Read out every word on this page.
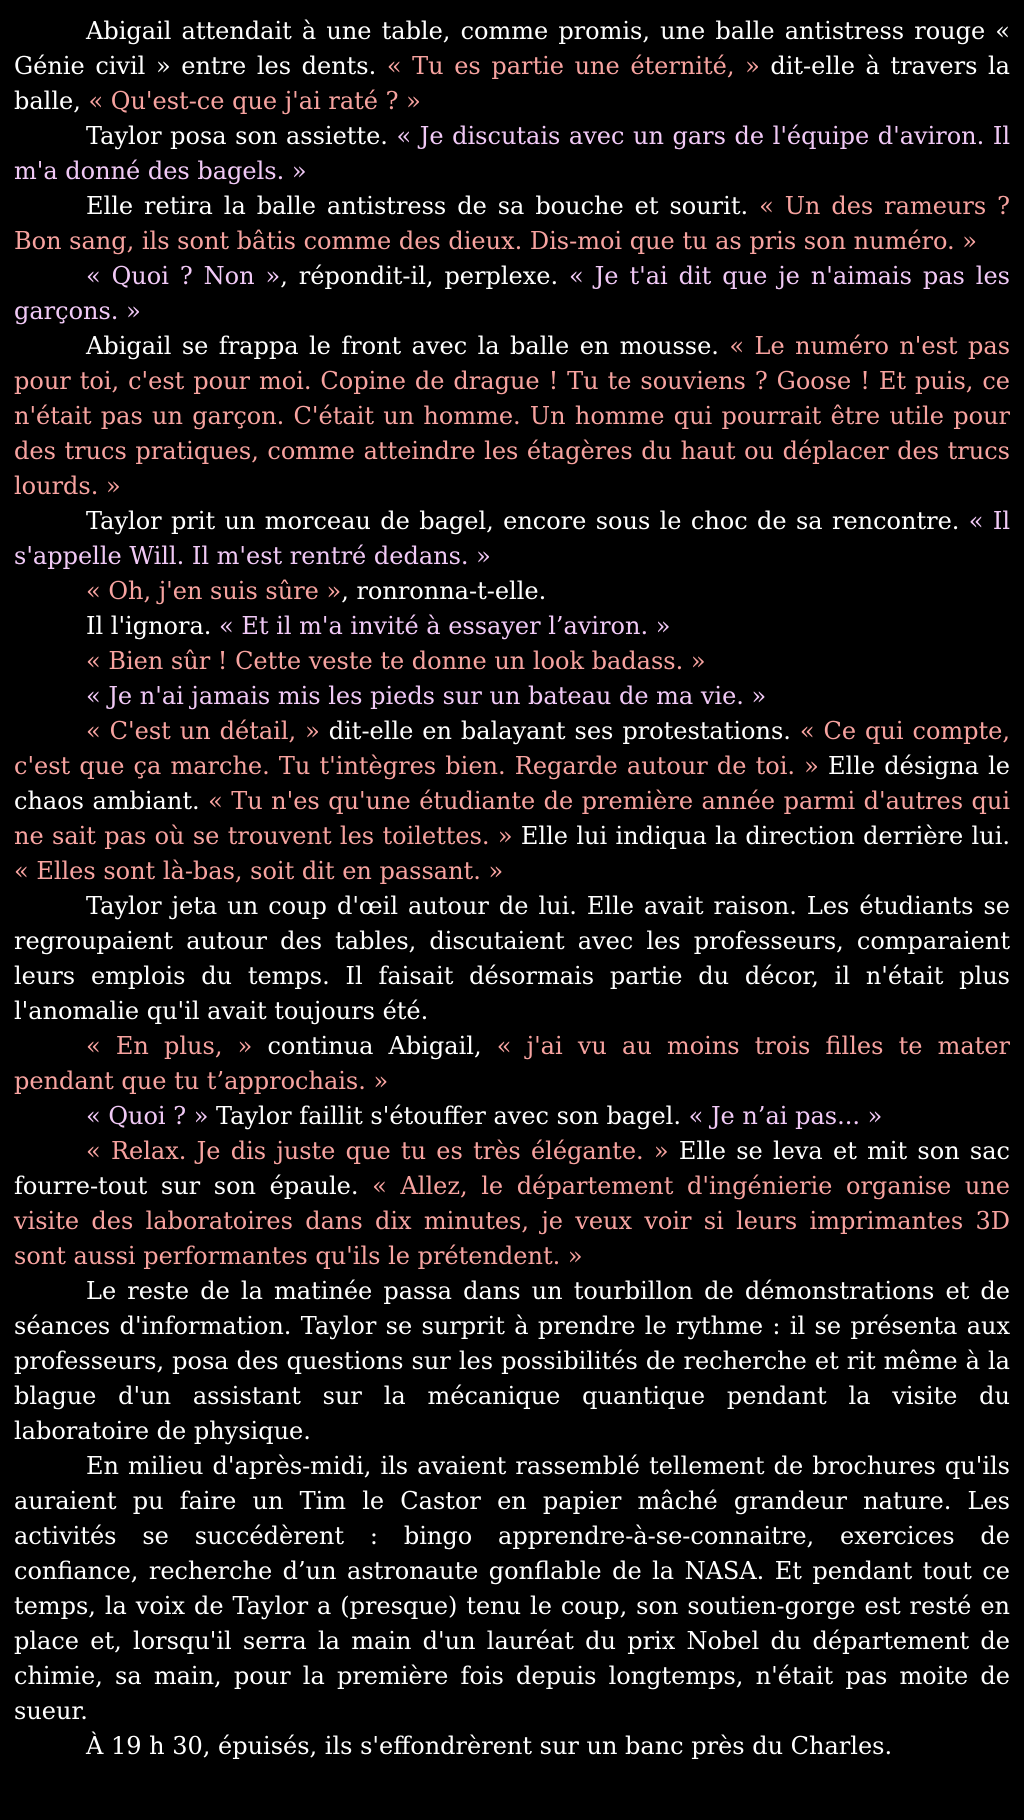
Abigail attendait à une table, comme promis, une balle antistress rouge « Génie civil » entre les dents. « Tu es partie une éternité, » dit-elle à travers la balle, « Qu'est-ce que j'ai raté ? »

Taylor posa son assiette. « Je discutais avec un gars de l'équipe d'aviron. Il m'a donné des bagels. »

Elle retira la balle antistress de sa bouche et sourit. « Un des rameurs ? Bon sang, ils sont bâtis comme des dieux. Dis-moi que tu as pris son numéro. »

« Quoi ? Non », répondit-il, perplexe. « Je t'ai dit que je n'aimais pas les garçons. »

Abigail se frappa le front avec la balle en mousse. « Le numéro n'est pas pour toi, c'est pour moi. Copine de drague ! Tu te souviens ? Goose ! Et puis, ce n'était pas un garçon. C'était un homme. Un homme qui pourrait être utile pour des trucs pratiques, comme atteindre les étagères du haut ou déplacer des trucs lourds. »

Taylor prit un morceau de bagel, encore sous le choc de sa rencontre. « Il s'appelle Will. Il m'est rentré dedans. »

« Oh, j'en suis sûre », ronronna-t-elle.

Il l'ignora. « Et il m'a invité à essayer l’aviron. »

« Bien sûr ! Cette veste te donne un look badass. »

« Je n'ai jamais mis les pieds sur un bateau de ma vie. »

« C'est un détail, » dit-elle en balayant ses protestations. « Ce qui compte, c'est que ça marche. Tu t'intègres bien. Regarde autour de toi. » Elle désigna le chaos ambiant. « Tu n'es qu'une étudiante de première année parmi d'autres qui ne sait pas où se trouvent les toilettes. » Elle lui indiqua la direction derrière lui. « Elles sont là-bas, soit dit en passant. »

Taylor jeta un coup d'œil autour de lui. Elle avait raison. Les étudiants se regroupaient autour des tables, discutaient avec les professeurs, comparaient leurs emplois du temps. Il faisait désormais partie du décor, il n'était plus l'anomalie qu'il avait toujours été.

« En plus, » continua Abigail, « j'ai vu au moins trois filles te mater pendant que tu t’approchais. »

« Quoi ? » Taylor faillit s'étouffer avec son bagel. « Je n’ai pas... »

« Relax. Je dis juste que tu es très élégante. » Elle se leva et mit son sac fourre-tout sur son épaule. « Allez, le département d'ingénierie organise une visite des laboratoires dans dix minutes, je veux voir si leurs imprimantes 3D sont aussi performantes qu'ils le prétendent. »

Le reste de la matinée passa dans un tourbillon de démonstrations et de séances d'information. Taylor se surprit à prendre le rythme : il se présenta aux professeurs, posa des questions sur les possibilités de recherche et rit même à la blague d'un assistant sur la mécanique quantique pendant la visite du laboratoire de physique.

En milieu d'après-midi, ils avaient rassemblé tellement de brochures qu'ils auraient pu faire un Tim le Castor en papier mâché grandeur nature. Les activités se succédèrent : bingo apprendre-à-se-connaitre, exercices de confiance, recherche d’un astronaute gonflable de la NASA. Et pendant tout ce temps, la voix de Taylor a (presque) tenu le coup, son soutien-gorge est resté en place et, lorsqu'il serra la main d'un lauréat du prix Nobel du département de chimie, sa main, pour la première fois depuis longtemps, n'était pas moite de sueur.

À 19 h 30, épuisés, ils s'effondrèrent sur un banc près du Charles.
